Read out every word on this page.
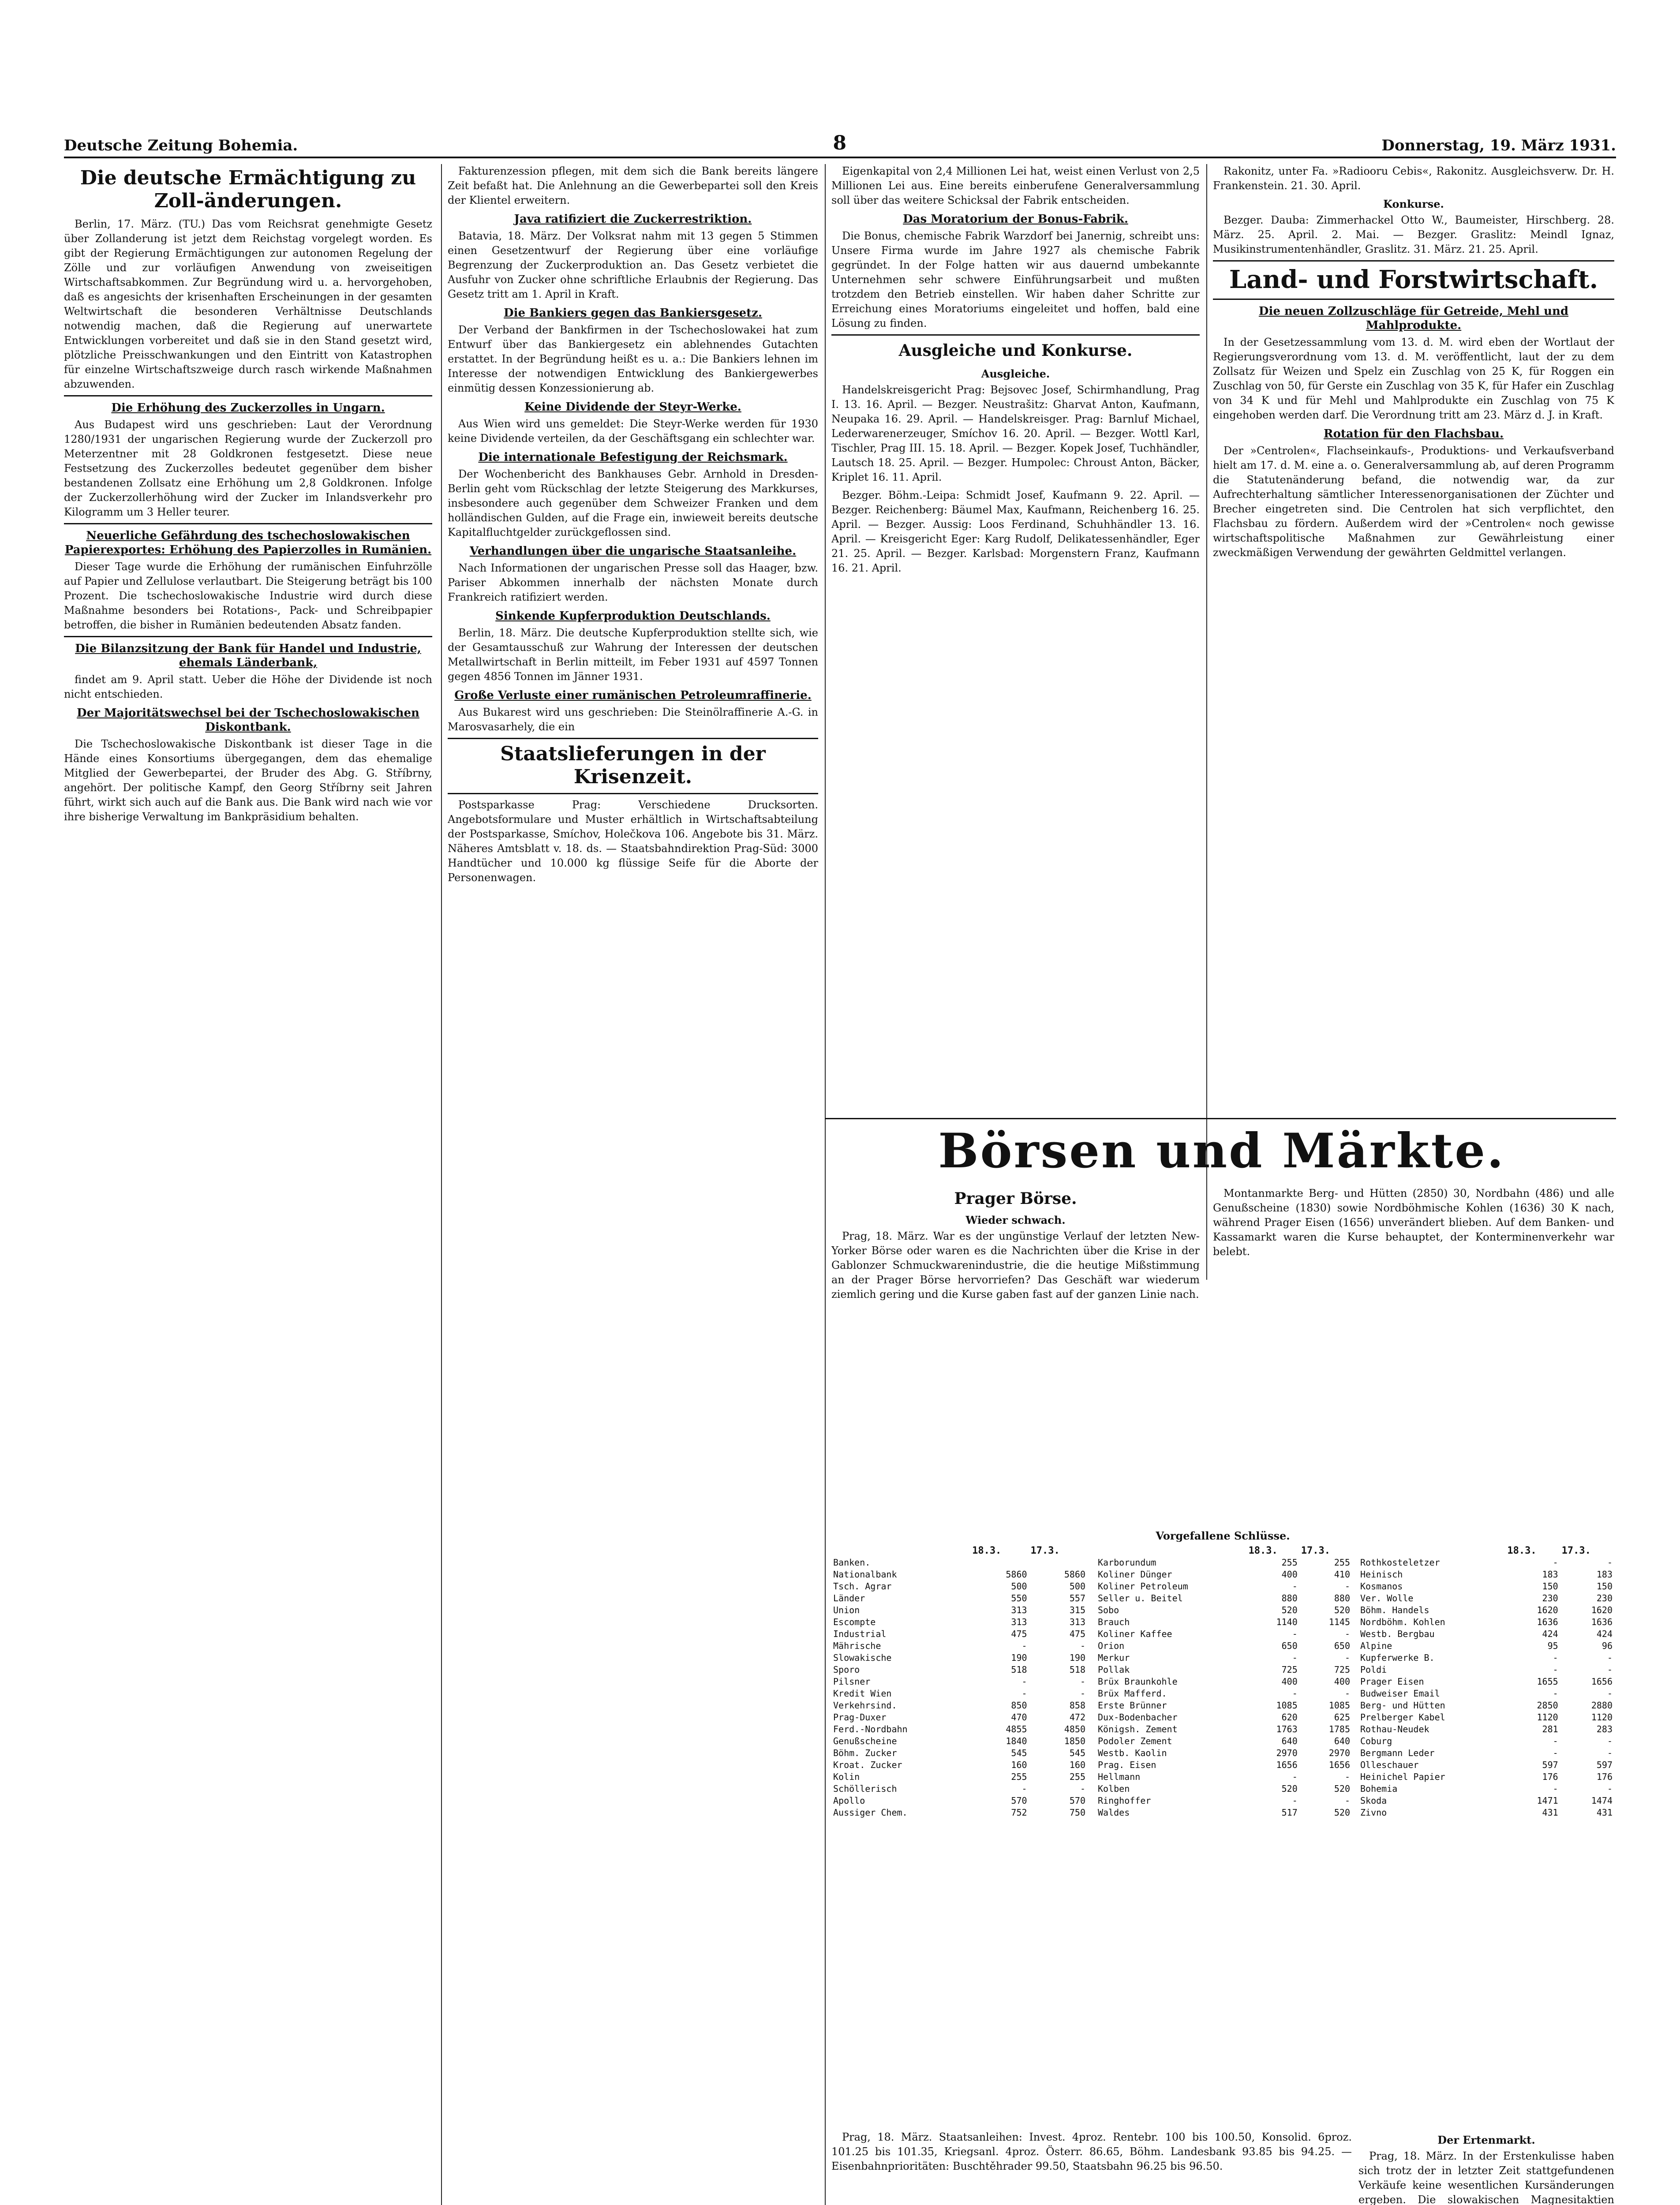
Deutsche Zeitung Bohemia.	8	Donnerstag, 19. März 1931.
Die deutsche Ermächtigung zu Zoll-änderungen.

Berlin, 17. März. (TU.) Das vom Reichsrat genehmigte Gesetz über Zollanderung ist jetzt dem Reichstag vorgelegt worden. Es gibt der Regierung Ermächtigungen zur autonomen Regelung der Zölle und zur vorläufigen Anwendung von zweiseitigen Wirtschaftsabkommen. Zur Begründung wird u. a. hervorgehoben, daß es angesichts der krisenhaften Erscheinungen in der gesamten Weltwirtschaft die besonderen Verhältnisse Deutschlands notwendig machen, daß die Regierung auf unerwartete Entwicklungen vorbereitet und daß sie in den Stand gesetzt wird, plötzliche Preisschwankungen und den Eintritt von Katastrophen für einzelne Wirtschaftszweige durch rasch wirkende Maßnahmen abzuwenden.

Die Erhöhung des Zuckerzolles in Ungarn.

Aus Budapest wird uns geschrieben: Laut der Verordnung 1280/1931 der ungarischen Regierung wurde der Zuckerzoll pro Meterzentner mit 28 Goldkronen festgesetzt. Diese neue Festsetzung des Zuckerzolles bedeutet gegenüber dem bisher bestandenen Zollsatz eine Erhöhung um 2,8 Goldkronen. Infolge der Zuckerzollerhöhung wird der Zucker im Inlandsverkehr pro Kilogramm um 3 Heller teurer.

Neuerliche Gefährdung des tschechoslowakischen Papierexportes: Erhöhung des Papierzolles in Rumänien.

Dieser Tage wurde die Erhöhung der rumänischen Einfuhrzölle auf Papier und Zellulose verlautbart. Die Steigerung beträgt bis 100 Prozent. Die tschechoslowakische Industrie wird durch diese Maßnahme besonders bei Rotations-, Pack- und Schreibpapier betroffen, die bisher in Rumänien bedeutenden Absatz fanden.

Die Bilanzsitzung der Bank für Handel und Industrie, ehemals Länderbank,

findet am 9. April statt. Ueber die Höhe der Dividende ist noch nicht entschieden.

Der Majoritätswechsel bei der Tschechoslowakischen Diskontbank.

Die Tschechoslowakische Diskontbank ist dieser Tage in die Hände eines Konsortiums übergegangen, dem das ehemalige Mitglied der Gewerbepartei, der Bruder des Abg. G. Stříbrny, angehört. Der politische Kampf, den Georg Stříbrny seit Jahren führt, wirkt sich auch auf die Bank aus. Die Bank wird nach wie vor ihre bisherige Verwaltung im Bankpräsidium behalten.

Fakturenzession pflegen, mit dem sich die Bank bereits längere Zeit befaßt hat. Die Anlehnung an die Gewerbepartei soll den Kreis der Klientel erweitern.

Java ratifiziert die Zuckerrestriktion.

Batavia, 18. März. Der Volksrat nahm mit 13 gegen 5 Stimmen einen Gesetzentwurf der Regierung über eine vorläufige Begrenzung der Zuckerproduktion an. Das Gesetz verbietet die Ausfuhr von Zucker ohne schriftliche Erlaubnis der Regierung. Das Gesetz tritt am 1. April in Kraft.

Die Bankiers gegen das Bankiersgesetz.

Der Verband der Bankfirmen in der Tschechoslowakei hat zum Entwurf über das Bankiergesetz ein ablehnendes Gutachten erstattet. In der Begründung heißt es u. a.: Die Bankiers lehnen im Interesse der notwendigen Entwicklung des Bankiergewerbes einmütig dessen Konzessionierung ab.

Keine Dividende der Steyr-Werke.

Aus Wien wird uns gemeldet: Die Steyr-Werke werden für 1930 keine Dividende verteilen, da der Geschäftsgang ein schlechter war.

Die internationale Befestigung der Reichsmark.

Der Wochenbericht des Bankhauses Gebr. Arnhold in Dresden-Berlin geht vom Rückschlag der letzte Steigerung des Markkurses, insbesondere auch gegenüber dem Schweizer Franken und dem holländischen Gulden, auf die Frage ein, inwieweit bereits deutsche Kapitalfluchtgelder zurückgeflossen sind.

Verhandlungen über die ungarische Staatsanleihe.

Nach Informationen der ungarischen Presse soll das Haager, bzw. Pariser Abkommen innerhalb der nächsten Monate durch Frankreich ratifiziert werden.

Sinkende Kupferproduktion Deutschlands.

Berlin, 18. März. Die deutsche Kupferproduktion stellte sich, wie der Gesamtausschuß zur Wahrung der Interessen der deutschen Metallwirtschaft in Berlin mitteilt, im Feber 1931 auf 4597 Tonnen gegen 4856 Tonnen im Jänner 1931.

Große Verluste einer rumänischen Petroleumraffinerie.

Aus Bukarest wird uns geschrieben: Die Steinölraffinerie A.-G. in Marosvasarhely, die ein

Staatslieferungen in der Krisenzeit.

Postsparkasse Prag: Verschiedene Drucksorten. Angebotsformulare und Muster erhältlich in Wirtschaftsabteilung der Postsparkasse, Smíchov, Holečkova 106. Angebote bis 31. März. Näheres Amtsblatt v. 18. ds. — Staatsbahndirektion Prag-Süd: 3000 Handtücher und 10.000 kg flüssige Seife für die Aborte der Personenwagen.

Eigenkapital von 2,4 Millionen Lei hat, weist einen Verlust von 2,5 Millionen Lei aus. Eine bereits einberufene Generalversammlung soll über das weitere Schicksal der Fabrik entscheiden.

Das Moratorium der Bonus-Fabrik.

Die Bonus, chemische Fabrik Warzdorf bei Janernig, schreibt uns: Unsere Firma wurde im Jahre 1927 als chemische Fabrik gegründet. In der Folge hatten wir aus dauernd umbekannte Unternehmen sehr schwere Einführungsarbeit und mußten trotzdem den Betrieb einstellen. Wir haben daher Schritte zur Erreichung eines Moratoriums eingeleitet und hoffen, bald eine Lösung zu finden.

Ausgleiche und Konkurse.
Ausgleiche.

Handelskreisgericht Prag: Bejsovec Josef, Schirmhandlung, Prag I. 13. 16. April. — Bezger. Neustrašitz: Gharvat Anton, Kaufmann, Neupaka 16. 29. April. — Handelskreisger. Prag: Barnluf Michael, Lederwarenerzeuger, Smíchov 16. 20. April. — Bezger. Wottl Karl, Tischler, Prag III. 15. 18. April. — Bezger. Kopek Josef, Tuchhändler, Lautsch 18. 25. April. — Bezger. Humpolec: Chroust Anton, Bäcker, Kriplet 16. 11. April.

Bezger. Böhm.-Leipa: Schmidt Josef, Kaufmann 9. 22. April. — Bezger. Reichenberg: Bäumel Max, Kaufmann, Reichenberg 16. 25. April. — Bezger. Aussig: Loos Ferdinand, Schuhhändler 13. 16. April. — Kreisgericht Eger: Karg Rudolf, Delikatessenhändler, Eger 21. 25. April. — Bezger. Karlsbad: Morgenstern Franz, Kaufmann 16. 21. April.

Rakonitz, unter Fa. »Radiooru Cebis«, Rakonitz. Ausgleichsverw. Dr. H. Frankenstein. 21. 30. April.

Konkurse.

Bezger. Dauba: Zimmerhackel Otto W., Baumeister, Hirschberg. 28. März. 25. April. 2. Mai. — Bezger. Graslitz: Meindl Ignaz, Musikinstrumentenhändler, Graslitz. 31. März. 21. 25. April.

Land- und Forstwirtschaft.
Die neuen Zollzuschläge für Getreide, Mehl und Mahlprodukte.

In der Gesetzessammlung vom 13. d. M. wird eben der Wortlaut der Regierungsverordnung vom 13. d. M. veröffentlicht, laut der zu dem Zollsatz für Weizen und Spelz ein Zuschlag von 25 K, für Roggen ein Zuschlag von 50, für Gerste ein Zuschlag von 35 K, für Hafer ein Zuschlag von 34 K und für Mehl und Mahlprodukte ein Zuschlag von 75 K eingehoben werden darf. Die Verordnung tritt am 23. März d. J. in Kraft.

Rotation für den Flachsbau.

Der »Centrolen«, Flachseinkaufs-, Produktions- und Verkaufsverband hielt am 17. d. M. eine a. o. Generalversammlung ab, auf deren Programm die Statutenänderung befand, die notwendig war, da zur Aufrechterhaltung sämtlicher Interessenorganisationen der Züchter und Brecher eingetreten sind. Die Centrolen hat sich verpflichtet, den Flachsbau zu fördern. Außerdem wird der »Centrolen« noch gewisse wirtschaftspolitische Maßnahmen zur Gewährleistung einer zweckmäßigen Verwendung der gewährten Geldmittel verlangen.

Börsen und Märkte.
Prager Börse.
Wieder schwach.

Prag, 18. März. War es der ungünstige Verlauf der letzten New-Yorker Börse oder waren es die Nachrichten über die Krise in der Gablonzer Schmuckwarenindustrie, die die heutige Mißstimmung an der Prager Börse hervorriefen? Das Geschäft war wiederum ziemlich gering und die Kurse gaben fast auf der ganzen Linie nach.

Montanmarkte Berg- und Hütten (2850) 30, Nordbahn (486) und alle Genußscheine (1830) sowie Nordböhmische Kohlen (1636) 30 K nach, während Prager Eisen (1656) unverändert blieben. Auf dem Banken- und Kassamarkt waren die Kurse behauptet, der Konterminenverkehr war belebt.

Vorgefallene Schlüsse.
	18.3.	17.3.
Banken.		
Nationalbank	5860	5860
Tsch. Agrar	500	500
Länder	550	557
Union	313	315
Escompte	313	313
Industrial	475	475
Mährische	-	-
Slowakische	190	190
Sporo	518	518
Pilsner	-	-
Kredit Wien	-	-
Verkehrsind.	850	858
Prag-Duxer	470	472
Ferd.-Nordbahn	4855	4850
Genußscheine	1840	1850
Böhm. Zucker	545	545
Kroat. Zucker	160	160
Kolin	255	255
Schöllerisch	-	-
Apollo	570	570
Aussiger Chem.	752	750
	18.3.	17.3.
Karborundum	255	255
Koliner Dünger	400	410
Koliner Petroleum	-	-
Seller u. Beitel	880	880
Sobo	520	520
Brauch	1140	1145
Koliner Kaffee	-	-
Orion	650	650
Merkur	-	-
Pollak	725	725
Brüx Braunkohle	400	400
Brüx Mafferd.	-	-
Erste Brünner	1085	1085
Dux-Bodenbacher	620	625
Königsh. Zement	1763	1785
Podoler Zement	640	640
Westb. Kaolin	2970	2970
Prag. Eisen	1656	1656
Hellmann	-	-
Kolben	520	520
Ringhoffer	-	-
Waldes	517	520
	18.3.	17.3.
Rothkosteletzer	-	-
Heinisch	183	183
Kosmanos	150	150
Ver. Wolle	230	230
Böhm. Handels	1620	1620
Nordböhm. Kohlen	1636	1636
Westb. Bergbau	424	424
Alpine	95	96
Kupferwerke B.	-	-
Poldi	-	-
Prager Eisen	1655	1656
Budweiser Email	-	-
Berg- und Hütten	2850	2880
Prelberger Kabel	1120	1120
Rothau-Neudek	281	283
Coburg	-	-
Bergmann Leder	-	-
Olleschauer	597	597
Heinichel Papier	176	176
Bohemia	-	-
Skoda	1471	1474
Zivno	431	431

Prag, 18. März. Staatsanleihen: Invest. 4proz. Rentebr. 100 bis 100.50, Konsolid. 6proz. 101.25 bis 101.35, Kriegsanl. 4proz. Österr. 86.65, Böhm. Landesbank 93.85 bis 94.25. — Eisenbahnprioritäten: Buschtěhrader 99.50, Staatsbahn 96.25 bis 96.50.

Der Ertenmarkt.

Prag, 18. März. In der Erstenkulisse haben sich trotz der in letzter Zeit stattgefundenen Verkäufe keine wesentlichen Kursänderungen ergeben. Die slowakischen Magnesitaktien
